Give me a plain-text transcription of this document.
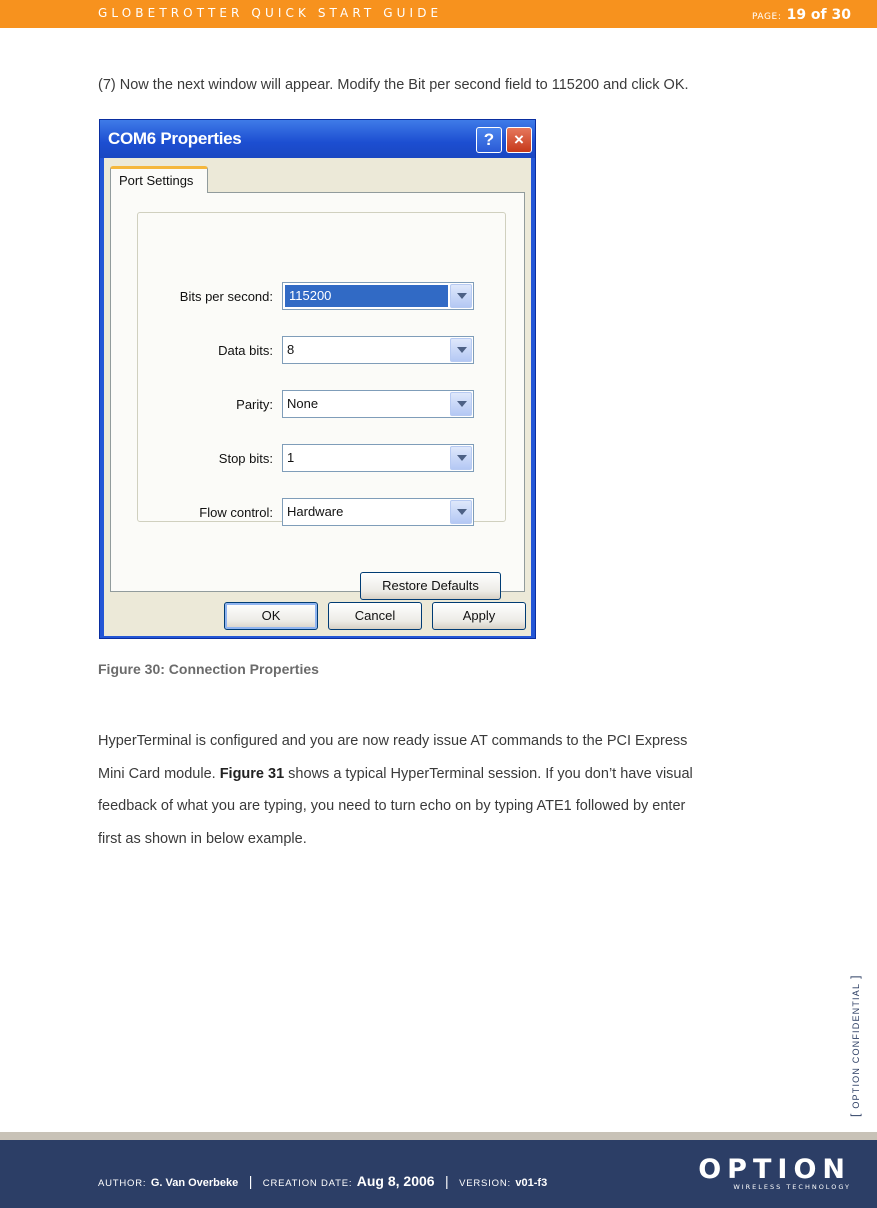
GLOBETROTTER QUICK START GUIDE	PAGE: 19 of 30
(7) Now the next window will appear. Modify the Bit per second field to 115200 and click OK.
COM6 Properties	?	×
Port Settings
Bits per second: 115200
Data bits: 8
Parity: None
Stop bits: 1
Flow control: Hardware
Restore Defaults
OK	Cancel	Apply
Figure 30: Connection Properties
HyperTerminal is configured and you are now ready issue AT commands to the PCI Express
Mini Card module. Figure 31 shows a typical HyperTerminal session. If you don’t have visual
feedback of what you are typing, you need to turn echo on by typing ATE1 followed by enter
first as shown in below example.
[OPTION CONFIDENTIAL]
AUTHOR: G. Van Overbeke | CREATION DATE: Aug 8, 2006 | VERSION: v01-f3	OPTION
WIRELESS TECHNOLOGY
